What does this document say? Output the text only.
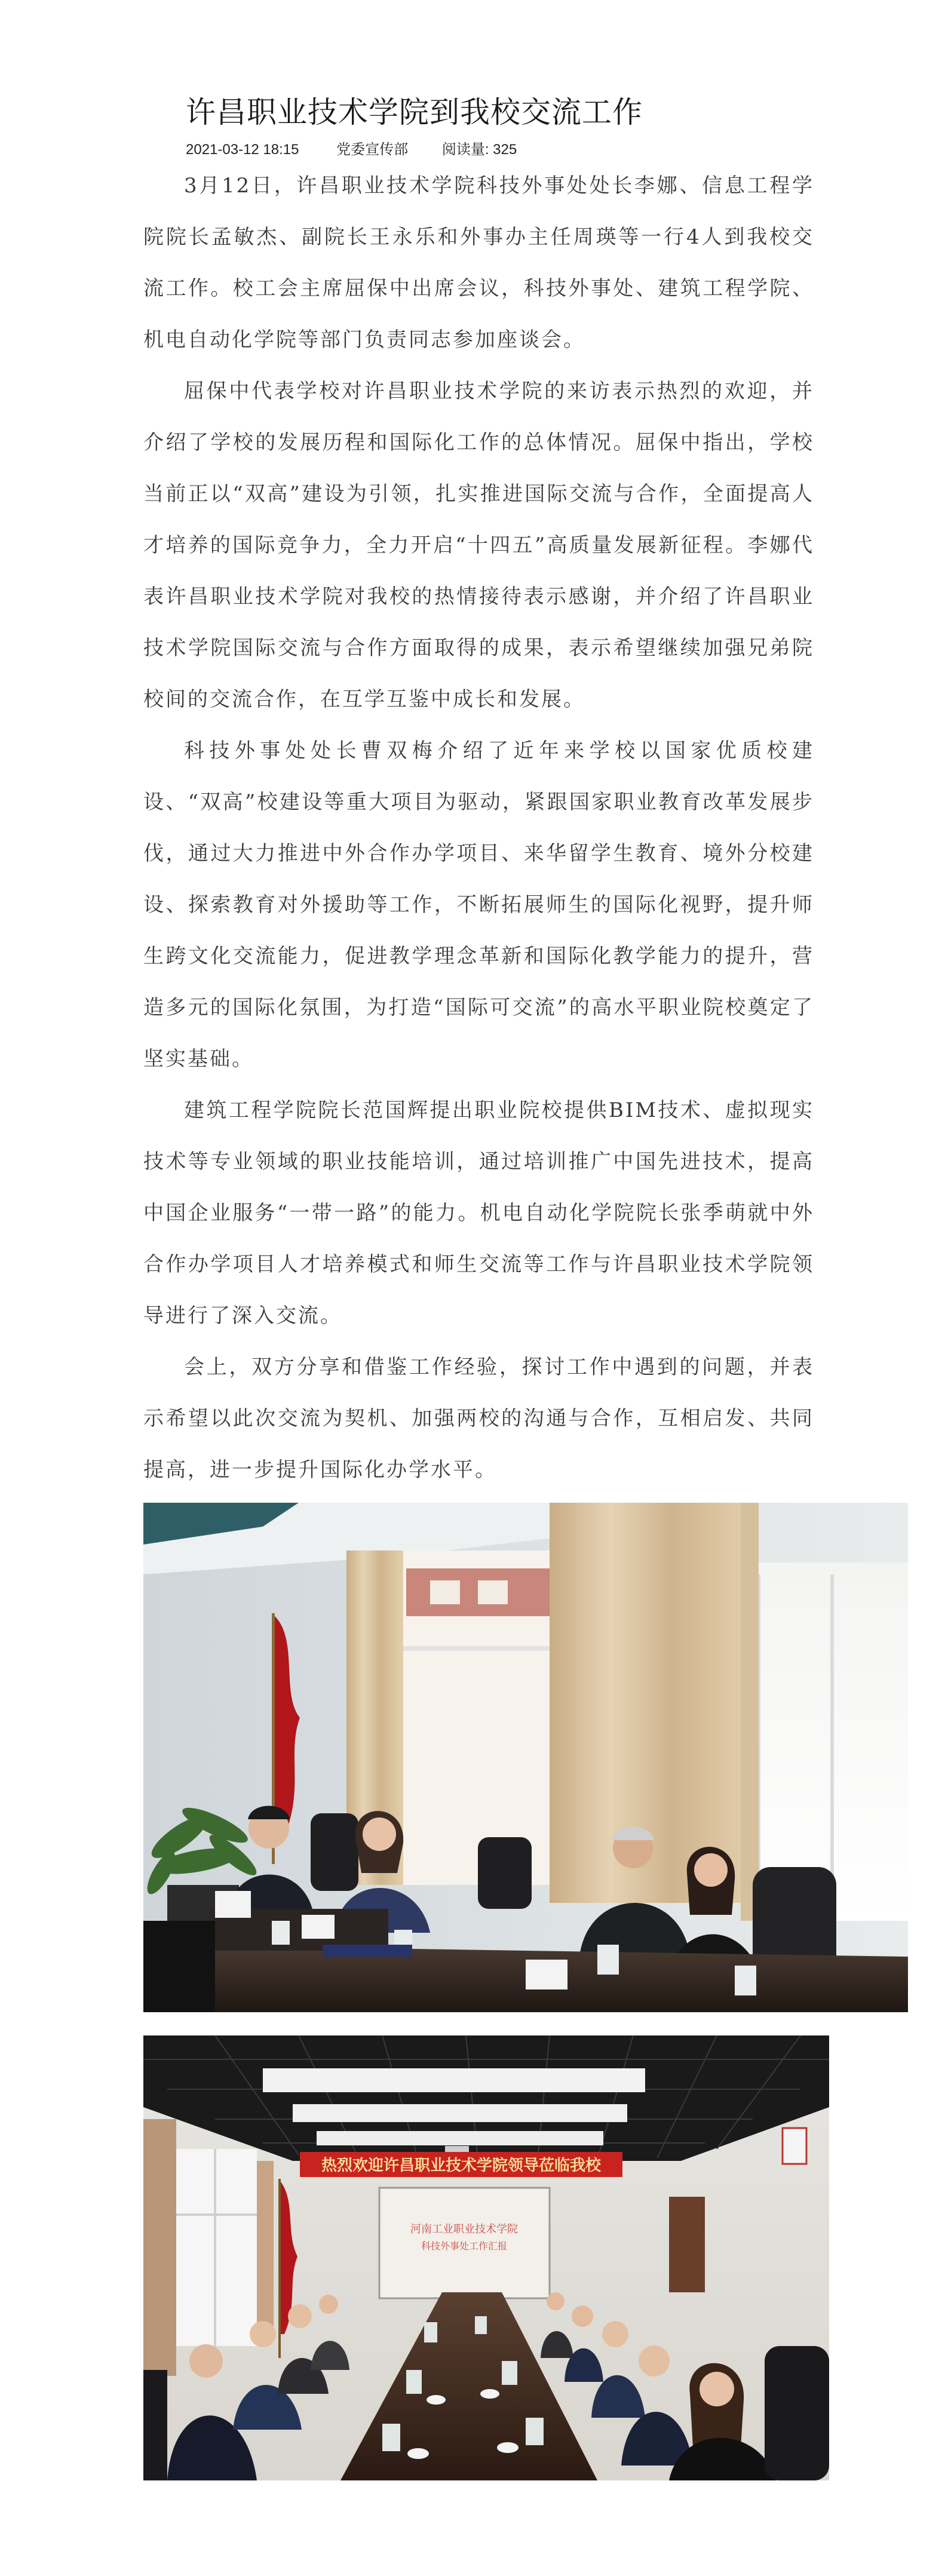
许昌职业技术学院到我校交流工作
2021-03-12 18:15	党委宣传部 阅读量: 325

3月12日，许昌职业技术学院科技外事处处长李娜、信息工程学院院长孟敏杰、副院长王永乐和外事办主任周瑛等一行4人到我校交流工作。校工会主席屈保中出席会议，科技外事处、建筑工程学院、机电自动化学院等部门负责同志参加座谈会。

屈保中代表学校对许昌职业技术学院的来访表示热烈的欢迎，并介绍了学校的发展历程和国际化工作的总体情况。屈保中指出，学校当前正以“双高”建设为引领，扎实推进国际交流与合作，全面提高人才培养的国际竞争力，全力开启“十四五”高质量发展新征程。李娜代表许昌职业技术学院对我校的热情接待表示感谢，并介绍了许昌职业技术学院国际交流与合作方面取得的成果，表示希望继续加强兄弟院校间的交流合作，在互学互鉴中成长和发展。

科技外事处处长曹双梅介绍了近年来学校以国家优质校建设、“双高”校建设等重大项目为驱动，紧跟国家职业教育改革发展步伐，通过大力推进中外合作办学项目、来华留学生教育、境外分校建设、探索教育对外援助等工作，不断拓展师生的国际化视野，提升师生跨文化交流能力，促进教学理念革新和国际化教学能力的提升，营造多元的国际化氛围，为打造“国际可交流”的高水平职业院校奠定了坚实基础。

建筑工程学院院长范国辉提出职业院校提供BIM技术、虚拟现实技术等专业领域的职业技能培训，通过培训推广中国先进技术，提高中国企业服务“一带一路”的能力。机电自动化学院院长张季萌就中外合作办学项目人才培养模式和师生交流等工作与许昌职业技术学院领导进行了深入交流。

会上，双方分享和借鉴工作经验，探讨工作中遇到的问题，并表示希望以此次交流为契机、加强两校的沟通与合作，互相启发、共同提高，进一步提升国际化办学水平。

热烈欢迎许昌职业技术学院领导莅临我校
河南工业职业技术学院
科技外事处工作汇报
